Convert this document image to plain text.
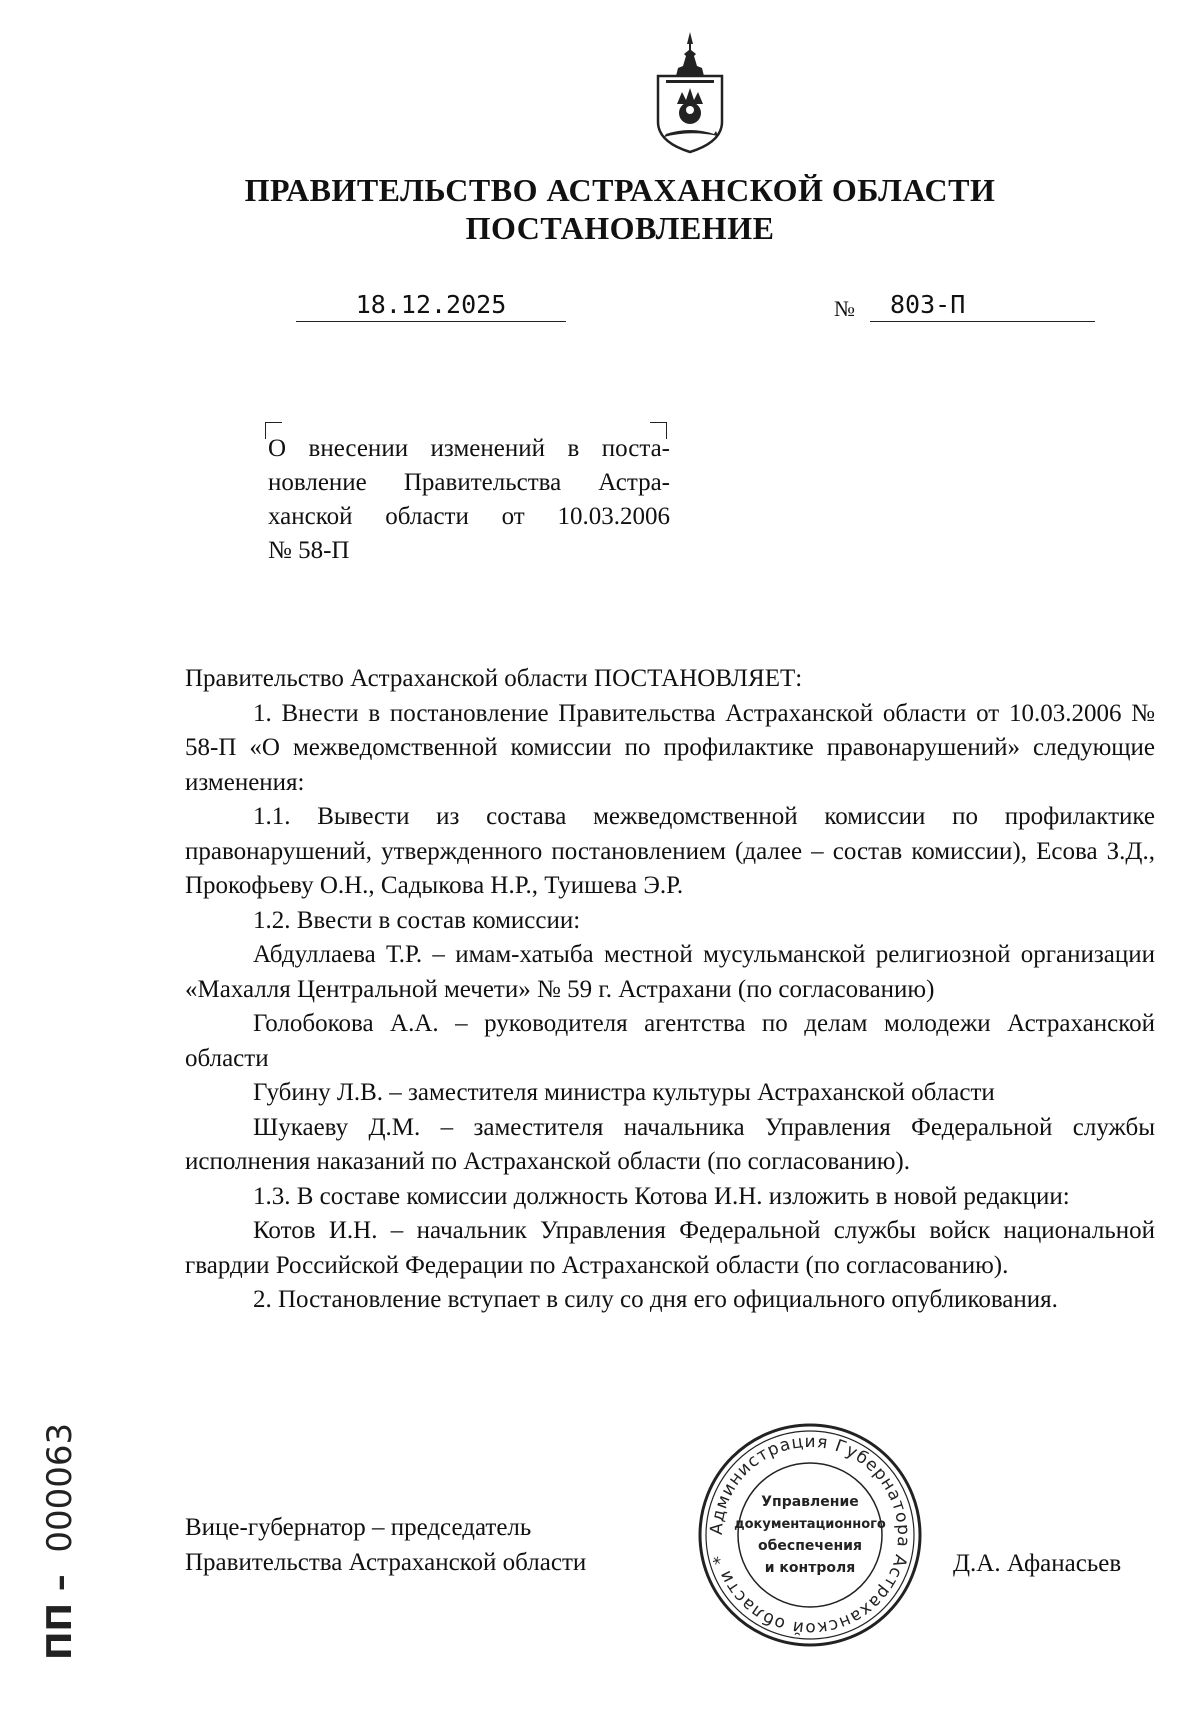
ПРАВИТЕЛЬСТВО АСТРАХАНСКОЙ ОБЛАСТИ
ПОСТАНОВЛЕНИЕ
18.12.2025	№	803-П
О внесении изменений в поста-
новление Правительства Астра-
ханской области от 10.03.2006
№ 58-П

Правительство Астраханской области ПОСТАНОВЛЯЕТ:

1. Внести в постановление Правительства Астраханской области от 10.03.2006 № 58-П «О межведомственной комиссии по профилактике правонарушений» следующие изменения:

1.1. Вывести из состава межведомственной комиссии по профилактике правонарушений, утвержденного постановлением (далее – состав комиссии), Есова З.Д., Прокофьеву О.Н., Садыкова Н.Р., Туишева Э.Р.

1.2. Ввести в состав комиссии:

Абдуллаева Т.Р. – имам-хатыба местной мусульманской религиозной организации «Махалля Центральной мечети» № 59 г. Астрахани (по согласованию)

Голобокова А.А. – руководителя агентства по делам молодежи Астраханской области

Губину Л.В. – заместителя министра культуры Астраханской области

Шукаеву Д.М. – заместителя начальника Управления Федеральной службы исполнения наказаний по Астраханской области (по согласованию).

1.3. В составе комиссии должность Котова И.Н. изложить в новой редакции:

Котов И.Н. – начальник Управления Федеральной службы войск национальной гвардии Российской Федерации по Астраханской области (по согласованию).

2. Постановление вступает в силу со дня его официального опубликования.

ПП –  000063	Вице-губернатор – председатель
Правительства Астраханской области
Администрация Губернатора Астраханской области *
Управление
документационного
обеспечения
и контроля	Д.А. Афанасьев
